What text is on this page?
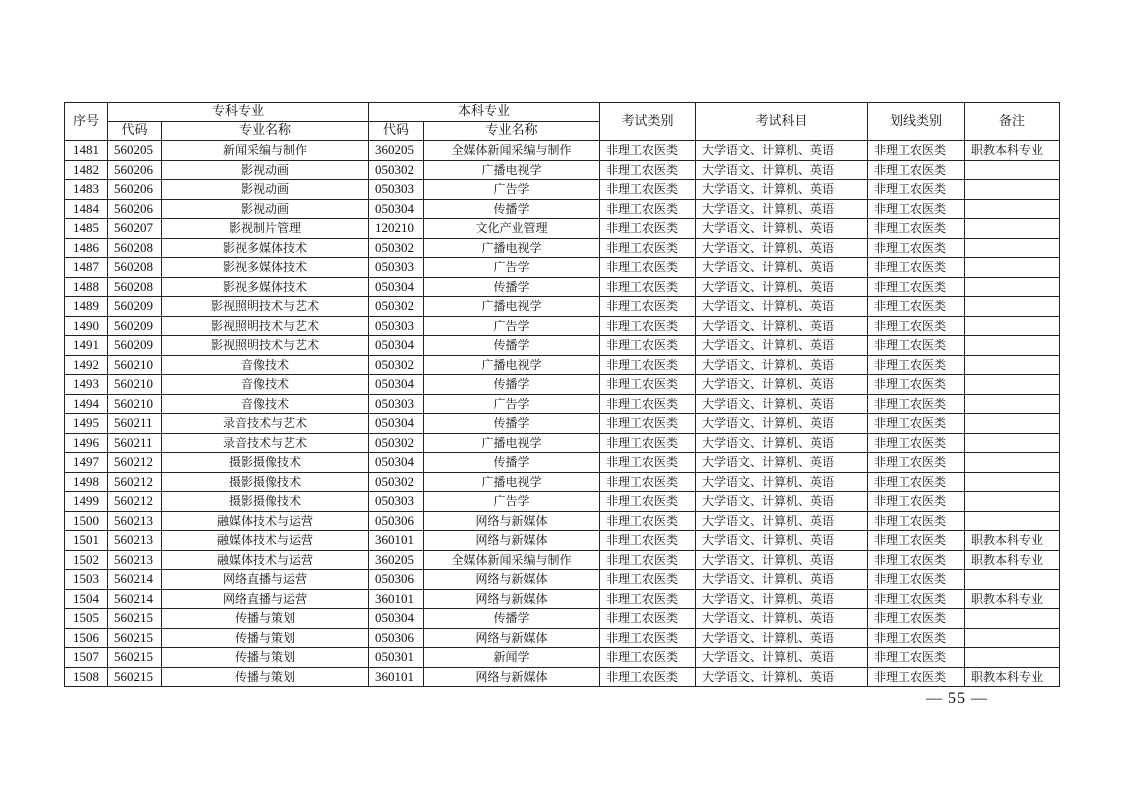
序号	专科专业		本科专业		考试类别	考试科目	划线类别	备注
	代码	专业名称	代码	专业名称				
1481	560205	新闻采编与制作	360205	全媒体新闻采编与制作	非理工农医类	大学语文、计算机、英语	非理工农医类	职教本科专业
1482	560206	影视动画	050302	广播电视学	非理工农医类	大学语文、计算机、英语	非理工农医类	
1483	560206	影视动画	050303	广告学	非理工农医类	大学语文、计算机、英语	非理工农医类	
1484	560206	影视动画	050304	传播学	非理工农医类	大学语文、计算机、英语	非理工农医类	
1485	560207	影视制片管理	120210	文化产业管理	非理工农医类	大学语文、计算机、英语	非理工农医类	
1486	560208	影视多媒体技术	050302	广播电视学	非理工农医类	大学语文、计算机、英语	非理工农医类	
1487	560208	影视多媒体技术	050303	广告学	非理工农医类	大学语文、计算机、英语	非理工农医类	
1488	560208	影视多媒体技术	050304	传播学	非理工农医类	大学语文、计算机、英语	非理工农医类	
1489	560209	影视照明技术与艺术	050302	广播电视学	非理工农医类	大学语文、计算机、英语	非理工农医类	
1490	560209	影视照明技术与艺术	050303	广告学	非理工农医类	大学语文、计算机、英语	非理工农医类	
1491	560209	影视照明技术与艺术	050304	传播学	非理工农医类	大学语文、计算机、英语	非理工农医类	
1492	560210	音像技术	050302	广播电视学	非理工农医类	大学语文、计算机、英语	非理工农医类	
1493	560210	音像技术	050304	传播学	非理工农医类	大学语文、计算机、英语	非理工农医类	
1494	560210	音像技术	050303	广告学	非理工农医类	大学语文、计算机、英语	非理工农医类	
1495	560211	录音技术与艺术	050304	传播学	非理工农医类	大学语文、计算机、英语	非理工农医类	
1496	560211	录音技术与艺术	050302	广播电视学	非理工农医类	大学语文、计算机、英语	非理工农医类	
1497	560212	摄影摄像技术	050304	传播学	非理工农医类	大学语文、计算机、英语	非理工农医类	
1498	560212	摄影摄像技术	050302	广播电视学	非理工农医类	大学语文、计算机、英语	非理工农医类	
1499	560212	摄影摄像技术	050303	广告学	非理工农医类	大学语文、计算机、英语	非理工农医类	
1500	560213	融媒体技术与运营	050306	网络与新媒体	非理工农医类	大学语文、计算机、英语	非理工农医类	
1501	560213	融媒体技术与运营	360101	网络与新媒体	非理工农医类	大学语文、计算机、英语	非理工农医类	职教本科专业
1502	560213	融媒体技术与运营	360205	全媒体新闻采编与制作	非理工农医类	大学语文、计算机、英语	非理工农医类	职教本科专业
1503	560214	网络直播与运营	050306	网络与新媒体	非理工农医类	大学语文、计算机、英语	非理工农医类	
1504	560214	网络直播与运营	360101	网络与新媒体	非理工农医类	大学语文、计算机、英语	非理工农医类	职教本科专业
1505	560215	传播与策划	050304	传播学	非理工农医类	大学语文、计算机、英语	非理工农医类	
1506	560215	传播与策划	050306	网络与新媒体	非理工农医类	大学语文、计算机、英语	非理工农医类	
1507	560215	传播与策划	050301	新闻学	非理工农医类	大学语文、计算机、英语	非理工农医类	
1508	560215	传播与策划	360101	网络与新媒体	非理工农医类	大学语文、计算机、英语	非理工农医类	职教本科专业
— 55 —
